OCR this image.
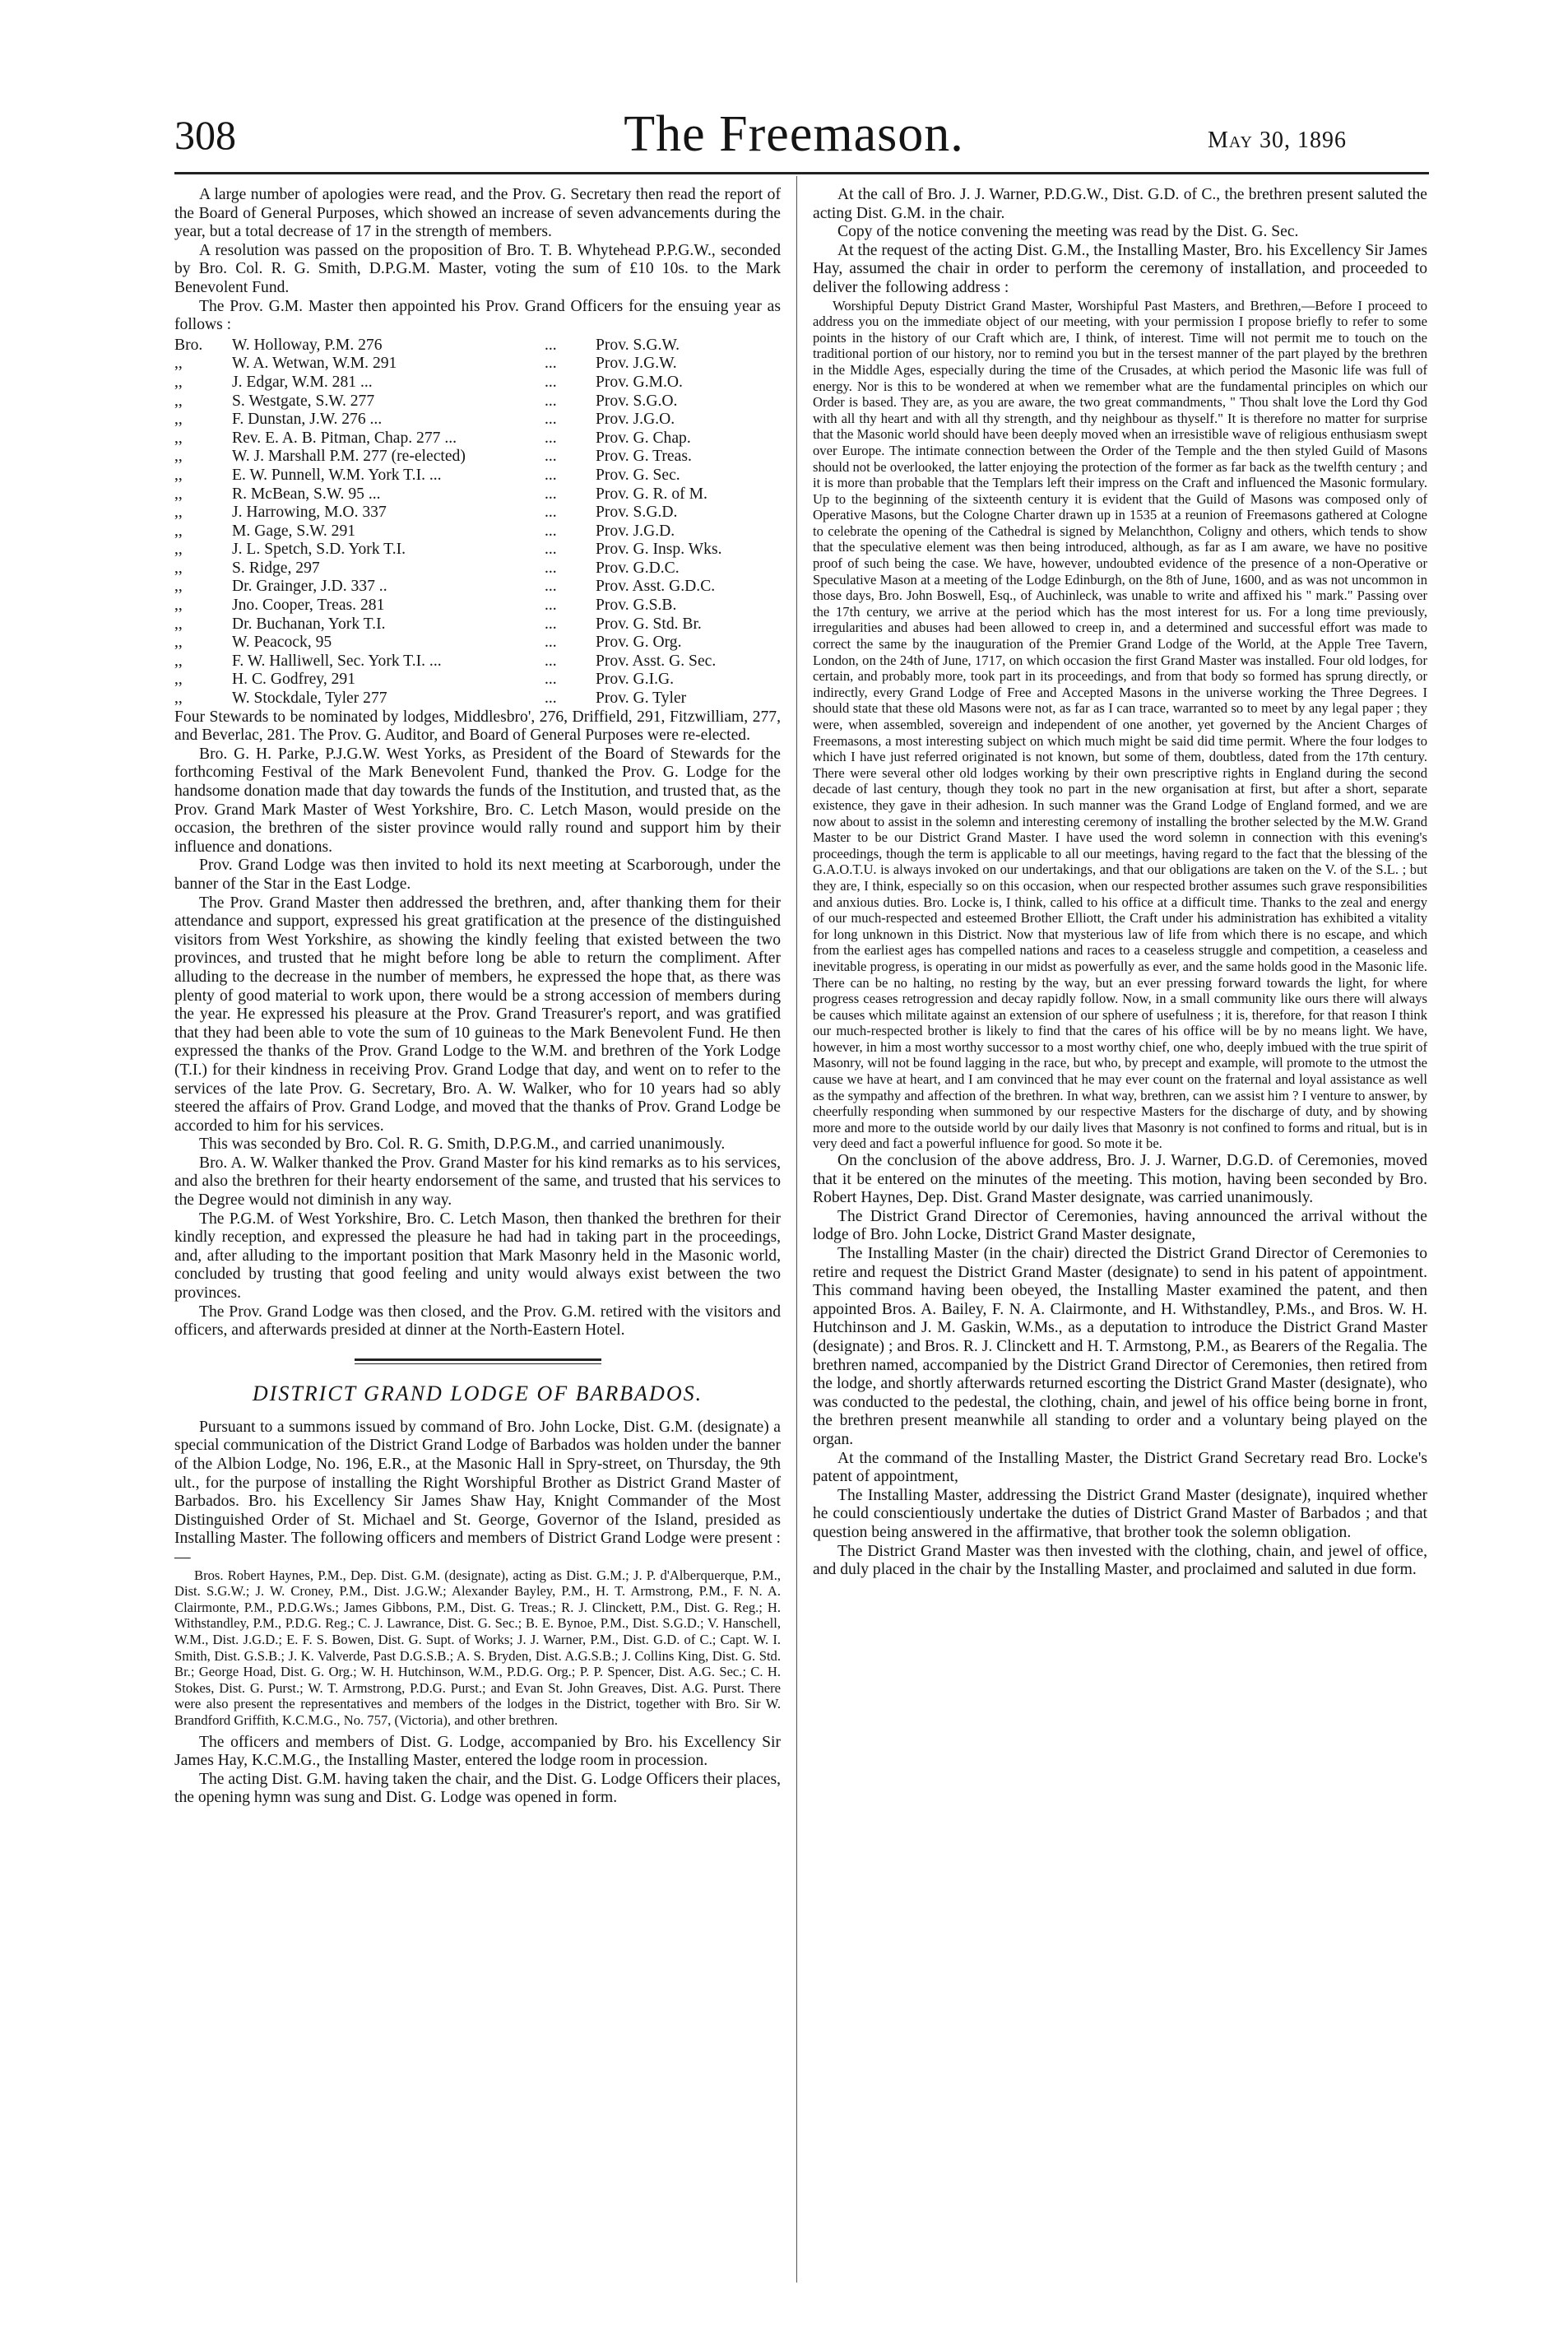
308	The Freemason.	May 30, 1896

A large number of apologies were read, and the Prov. G. Secretary then read the report of the Board of General Purposes, which showed an increase of seven advancements during the year, but a total decrease of 17 in the strength of members.

A resolution was passed on the proposition of Bro. T. B. Whytehead P.P.G.W., seconded by Bro. Col. R. G. Smith, D.P.G.M. Master, voting the sum of £10 10s. to the Mark Benevolent Fund.

The Prov. G.M. Master then appointed his Prov. Grand Officers for the ensuing year as follows :

Bro.	W. Holloway, P.M. 276	...	Prov. S.G.W.
,,	W. A. Wetwan, W.M. 291	...	Prov. J.G.W.
,,	J. Edgar, W.M. 281 ...	...	Prov. G.M.O.
,,	S. Westgate, S.W. 277	...	Prov. S.G.O.
,,	F. Dunstan, J.W. 276 ...	...	Prov. J.G.O.
,,	Rev. E. A. B. Pitman, Chap. 277 ...	...	Prov. G. Chap.
,,	W. J. Marshall P.M. 277 (re-elected)	...	Prov. G. Treas.
,,	E. W. Punnell, W.M. York T.I. ...	...	Prov. G. Sec.
,,	R. McBean, S.W. 95 ...	...	Prov. G. R. of M.
,,	J. Harrowing, M.O. 337	...	Prov. S.G.D.
,,	M. Gage, S.W. 291	...	Prov. J.G.D.
,,	J. L. Spetch, S.D. York T.I.	...	Prov. G. Insp. Wks.
,,	S. Ridge, 297	...	Prov. G.D.C.
,,	Dr. Grainger, J.D. 337 ..	...	Prov. Asst. G.D.C.
,,	Jno. Cooper, Treas. 281	...	Prov. G.S.B.
,,	Dr. Buchanan, York T.I.	...	Prov. G. Std. Br.
,,	W. Peacock, 95	...	Prov. G. Org.
,,	F. W. Halliwell, Sec. York T.I. ...	...	Prov. Asst. G. Sec.
,,	H. C. Godfrey, 291	...	Prov. G.I.G.
,,	W. Stockdale, Tyler 277	...	Prov. G. Tyler

Four Stewards to be nominated by lodges, Middlesbro', 276, Driffield, 291, Fitzwilliam, 277, and Beverlac, 281. The Prov. G. Auditor, and Board of General Purposes were re-elected.

Bro. G. H. Parke, P.J.G.W. West Yorks, as President of the Board of Stewards for the forthcoming Festival of the Mark Benevolent Fund, thanked the Prov. G. Lodge for the handsome donation made that day towards the funds of the Institution, and trusted that, as the Prov. Grand Mark Master of West Yorkshire, Bro. C. Letch Mason, would preside on the occasion, the brethren of the sister province would rally round and support him by their influence and donations.

Prov. Grand Lodge was then invited to hold its next meeting at Scarborough, under the banner of the Star in the East Lodge.

The Prov. Grand Master then addressed the brethren, and, after thanking them for their attendance and support, expressed his great gratification at the presence of the distinguished visitors from West Yorkshire, as showing the kindly feeling that existed between the two provinces, and trusted that he might before long be able to return the compliment. After alluding to the decrease in the number of members, he expressed the hope that, as there was plenty of good material to work upon, there would be a strong accession of members during the year. He expressed his pleasure at the Prov. Grand Treasurer's report, and was gratified that they had been able to vote the sum of 10 guineas to the Mark Benevolent Fund. He then expressed the thanks of the Prov. Grand Lodge to the W.M. and brethren of the York Lodge (T.I.) for their kindness in receiving Prov. Grand Lodge that day, and went on to refer to the services of the late Prov. G. Secretary, Bro. A. W. Walker, who for 10 years had so ably steered the affairs of Prov. Grand Lodge, and moved that the thanks of Prov. Grand Lodge be accorded to him for his services.

This was seconded by Bro. Col. R. G. Smith, D.P.G.M., and carried unanimously.

Bro. A. W. Walker thanked the Prov. Grand Master for his kind remarks as to his services, and also the brethren for their hearty endorsement of the same, and trusted that his services to the Degree would not diminish in any way.

The P.G.M. of West Yorkshire, Bro. C. Letch Mason, then thanked the brethren for their kindly reception, and expressed the pleasure he had had in taking part in the proceedings, and, after alluding to the important position that Mark Masonry held in the Masonic world, concluded by trusting that good feeling and unity would always exist between the two provinces.

The Prov. Grand Lodge was then closed, and the Prov. G.M. retired with the visitors and officers, and afterwards presided at dinner at the North-Eastern Hotel.

DISTRICT GRAND LODGE OF BARBADOS.

Pursuant to a summons issued by command of Bro. John Locke, Dist. G.M. (designate) a special communication of the District Grand Lodge of Barbados was holden under the banner of the Albion Lodge, No. 196, E.R., at the Masonic Hall in Spry-street, on Thursday, the 9th ult., for the purpose of installing the Right Worshipful Brother as District Grand Master of Barbados. Bro. his Excellency Sir James Shaw Hay, Knight Commander of the Most Distinguished Order of St. Michael and St. George, Governor of the Island, presided as Installing Master. The following officers and members of District Grand Lodge were present :—

Bros. Robert Haynes, P.M., Dep. Dist. G.M. (designate), acting as Dist. G.M.; J. P. d'Alberquerque, P.M., Dist. S.G.W.; J. W. Croney, P.M., Dist. J.G.W.; Alexander Bayley, P.M., H. T. Armstrong, P.M., F. N. A. Clairmonte, P.M., P.D.G.Ws.; James Gibbons, P.M., Dist. G. Treas.; R. J. Clinckett, P.M., Dist. G. Reg.; H. Withstandley, P.M., P.D.G. Reg.; C. J. Lawrance, Dist. G. Sec.; B. E. Bynoe, P.M., Dist. S.G.D.; V. Hanschell, W.M., Dist. J.G.D.; E. F. S. Bowen, Dist. G. Supt. of Works; J. J. Warner, P.M., Dist. G.D. of C.; Capt. W. I. Smith, Dist. G.S.B.; J. K. Valverde, Past D.G.S.B.; A. S. Bryden, Dist. A.G.S.B.; J. Collins King, Dist. G. Std. Br.; George Hoad, Dist. G. Org.; W. H. Hutchinson, W.M., P.D.G. Org.; P. P. Spencer, Dist. A.G. Sec.; C. H. Stokes, Dist. G. Purst.; W. T. Armstrong, P.D.G. Purst.; and Evan St. John Greaves, Dist. A.G. Purst. There were also present the representatives and members of the lodges in the District, together with Bro. Sir W. Brandford Griffith, K.C.M.G., No. 757, (Victoria), and other brethren.

The officers and members of Dist. G. Lodge, accompanied by Bro. his Excellency Sir James Hay, K.C.M.G., the Installing Master, entered the lodge room in procession.

The acting Dist. G.M. having taken the chair, and the Dist. G. Lodge Officers their places, the opening hymn was sung and Dist. G. Lodge was opened in form.

At the call of Bro. J. J. Warner, P.D.G.W., Dist. G.D. of C., the brethren present saluted the acting Dist. G.M. in the chair.

Copy of the notice convening the meeting was read by the Dist. G. Sec.

At the request of the acting Dist. G.M., the Installing Master, Bro. his Excellency Sir James Hay, assumed the chair in order to perform the ceremony of installation, and proceeded to deliver the following address :

Worshipful Deputy District Grand Master, Worshipful Past Masters, and Brethren,—Before I proceed to address you on the immediate object of our meeting, with your permission I propose briefly to refer to some points in the history of our Craft which are, I think, of interest. Time will not permit me to touch on the traditional portion of our history, nor to remind you but in the tersest manner of the part played by the brethren in the Middle Ages, especially during the time of the Crusades, at which period the Masonic life was full of energy. Nor is this to be wondered at when we remember what are the fundamental principles on which our Order is based. They are, as you are aware, the two great commandments, " Thou shalt love the Lord thy God with all thy heart and with all thy strength, and thy neighbour as thyself." It is therefore no matter for surprise that the Masonic world should have been deeply moved when an irresistible wave of religious enthusiasm swept over Europe. The intimate connection between the Order of the Temple and the then styled Guild of Masons should not be overlooked, the latter enjoying the protection of the former as far back as the twelfth century ; and it is more than probable that the Templars left their impress on the Craft and influenced the Masonic formulary. Up to the beginning of the sixteenth century it is evident that the Guild of Masons was composed only of Operative Masons, but the Cologne Charter drawn up in 1535 at a reunion of Freemasons gathered at Cologne to celebrate the opening of the Cathedral is signed by Melanchthon, Coligny and others, which tends to show that the speculative element was then being introduced, although, as far as I am aware, we have no positive proof of such being the case. We have, however, undoubted evidence of the presence of a non-Operative or Speculative Mason at a meeting of the Lodge Edinburgh, on the 8th of June, 1600, and as was not uncommon in those days, Bro. John Boswell, Esq., of Auchinleck, was unable to write and affixed his " mark." Passing over the 17th century, we arrive at the period which has the most interest for us. For a long time previously, irregularities and abuses had been allowed to creep in, and a determined and successful effort was made to correct the same by the inauguration of the Premier Grand Lodge of the World, at the Apple Tree Tavern, London, on the 24th of June, 1717, on which occasion the first Grand Master was installed. Four old lodges, for certain, and probably more, took part in its proceedings, and from that body so formed has sprung directly, or indirectly, every Grand Lodge of Free and Accepted Masons in the universe working the Three Degrees. I should state that these old Masons were not, as far as I can trace, warranted so to meet by any legal paper ; they were, when assembled, sovereign and independent of one another, yet governed by the Ancient Charges of Freemasons, a most interesting subject on which much might be said did time permit. Where the four lodges to which I have just referred originated is not known, but some of them, doubtless, dated from the 17th century. There were several other old lodges working by their own prescriptive rights in England during the second decade of last century, though they took no part in the new organisation at first, but after a short, separate existence, they gave in their adhesion. In such manner was the Grand Lodge of England formed, and we are now about to assist in the solemn and interesting ceremony of installing the brother selected by the M.W. Grand Master to be our District Grand Master. I have used the word solemn in connection with this evening's proceedings, though the term is applicable to all our meetings, having regard to the fact that the blessing of the G.A.O.T.U. is always invoked on our undertakings, and that our obligations are taken on the V. of the S.L. ; but they are, I think, especially so on this occasion, when our respected brother assumes such grave responsibilities and anxious duties. Bro. Locke is, I think, called to his office at a difficult time. Thanks to the zeal and energy of our much-respected and esteemed Brother Elliott, the Craft under his administration has exhibited a vitality for long unknown in this District. Now that mysterious law of life from which there is no escape, and which from the earliest ages has compelled nations and races to a ceaseless struggle and competition, a ceaseless and inevitable progress, is operating in our midst as powerfully as ever, and the same holds good in the Masonic life. There can be no halting, no resting by the way, but an ever pressing forward towards the light, for where progress ceases retrogression and decay rapidly follow. Now, in a small community like ours there will always be causes which militate against an extension of our sphere of usefulness ; it is, therefore, for that reason I think our much-respected brother is likely to find that the cares of his office will be by no means light. We have, however, in him a most worthy successor to a most worthy chief, one who, deeply imbued with the true spirit of Masonry, will not be found lagging in the race, but who, by precept and example, will promote to the utmost the cause we have at heart, and I am convinced that he may ever count on the fraternal and loyal assistance as well as the sympathy and affection of the brethren. In what way, brethren, can we assist him ? I venture to answer, by cheerfully responding when summoned by our respective Masters for the discharge of duty, and by showing more and more to the outside world by our daily lives that Masonry is not confined to forms and ritual, but is in very deed and fact a powerful influence for good. So mote it be.

On the conclusion of the above address, Bro. J. J. Warner, D.G.D. of Ceremonies, moved that it be entered on the minutes of the meeting. This motion, having been seconded by Bro. Robert Haynes, Dep. Dist. Grand Master designate, was carried unanimously.

The District Grand Director of Ceremonies, having announced the arrival without the lodge of Bro. John Locke, District Grand Master designate,

The Installing Master (in the chair) directed the District Grand Director of Ceremonies to retire and request the District Grand Master (designate) to send in his patent of appointment. This command having been obeyed, the Installing Master examined the patent, and then appointed Bros. A. Bailey, F. N. A. Clairmonte, and H. Withstandley, P.Ms., and Bros. W. H. Hutchinson and J. M. Gaskin, W.Ms., as a deputation to introduce the District Grand Master (designate) ; and Bros. R. J. Clinckett and H. T. Armstong, P.M., as Bearers of the Regalia. The brethren named, accompanied by the District Grand Director of Ceremonies, then retired from the lodge, and shortly afterwards returned escorting the District Grand Master (designate), who was conducted to the pedestal, the clothing, chain, and jewel of his office being borne in front, the brethren present meanwhile all standing to order and a voluntary being played on the organ.

At the command of the Installing Master, the District Grand Secretary read Bro. Locke's patent of appointment,

The Installing Master, addressing the District Grand Master (designate), inquired whether he could conscientiously undertake the duties of District Grand Master of Barbados ; and that question being answered in the affirmative, that brother took the solemn obligation.

The District Grand Master was then invested with the clothing, chain, and jewel of office, and duly placed in the chair by the Installing Master, and proclaimed and saluted in due form.
